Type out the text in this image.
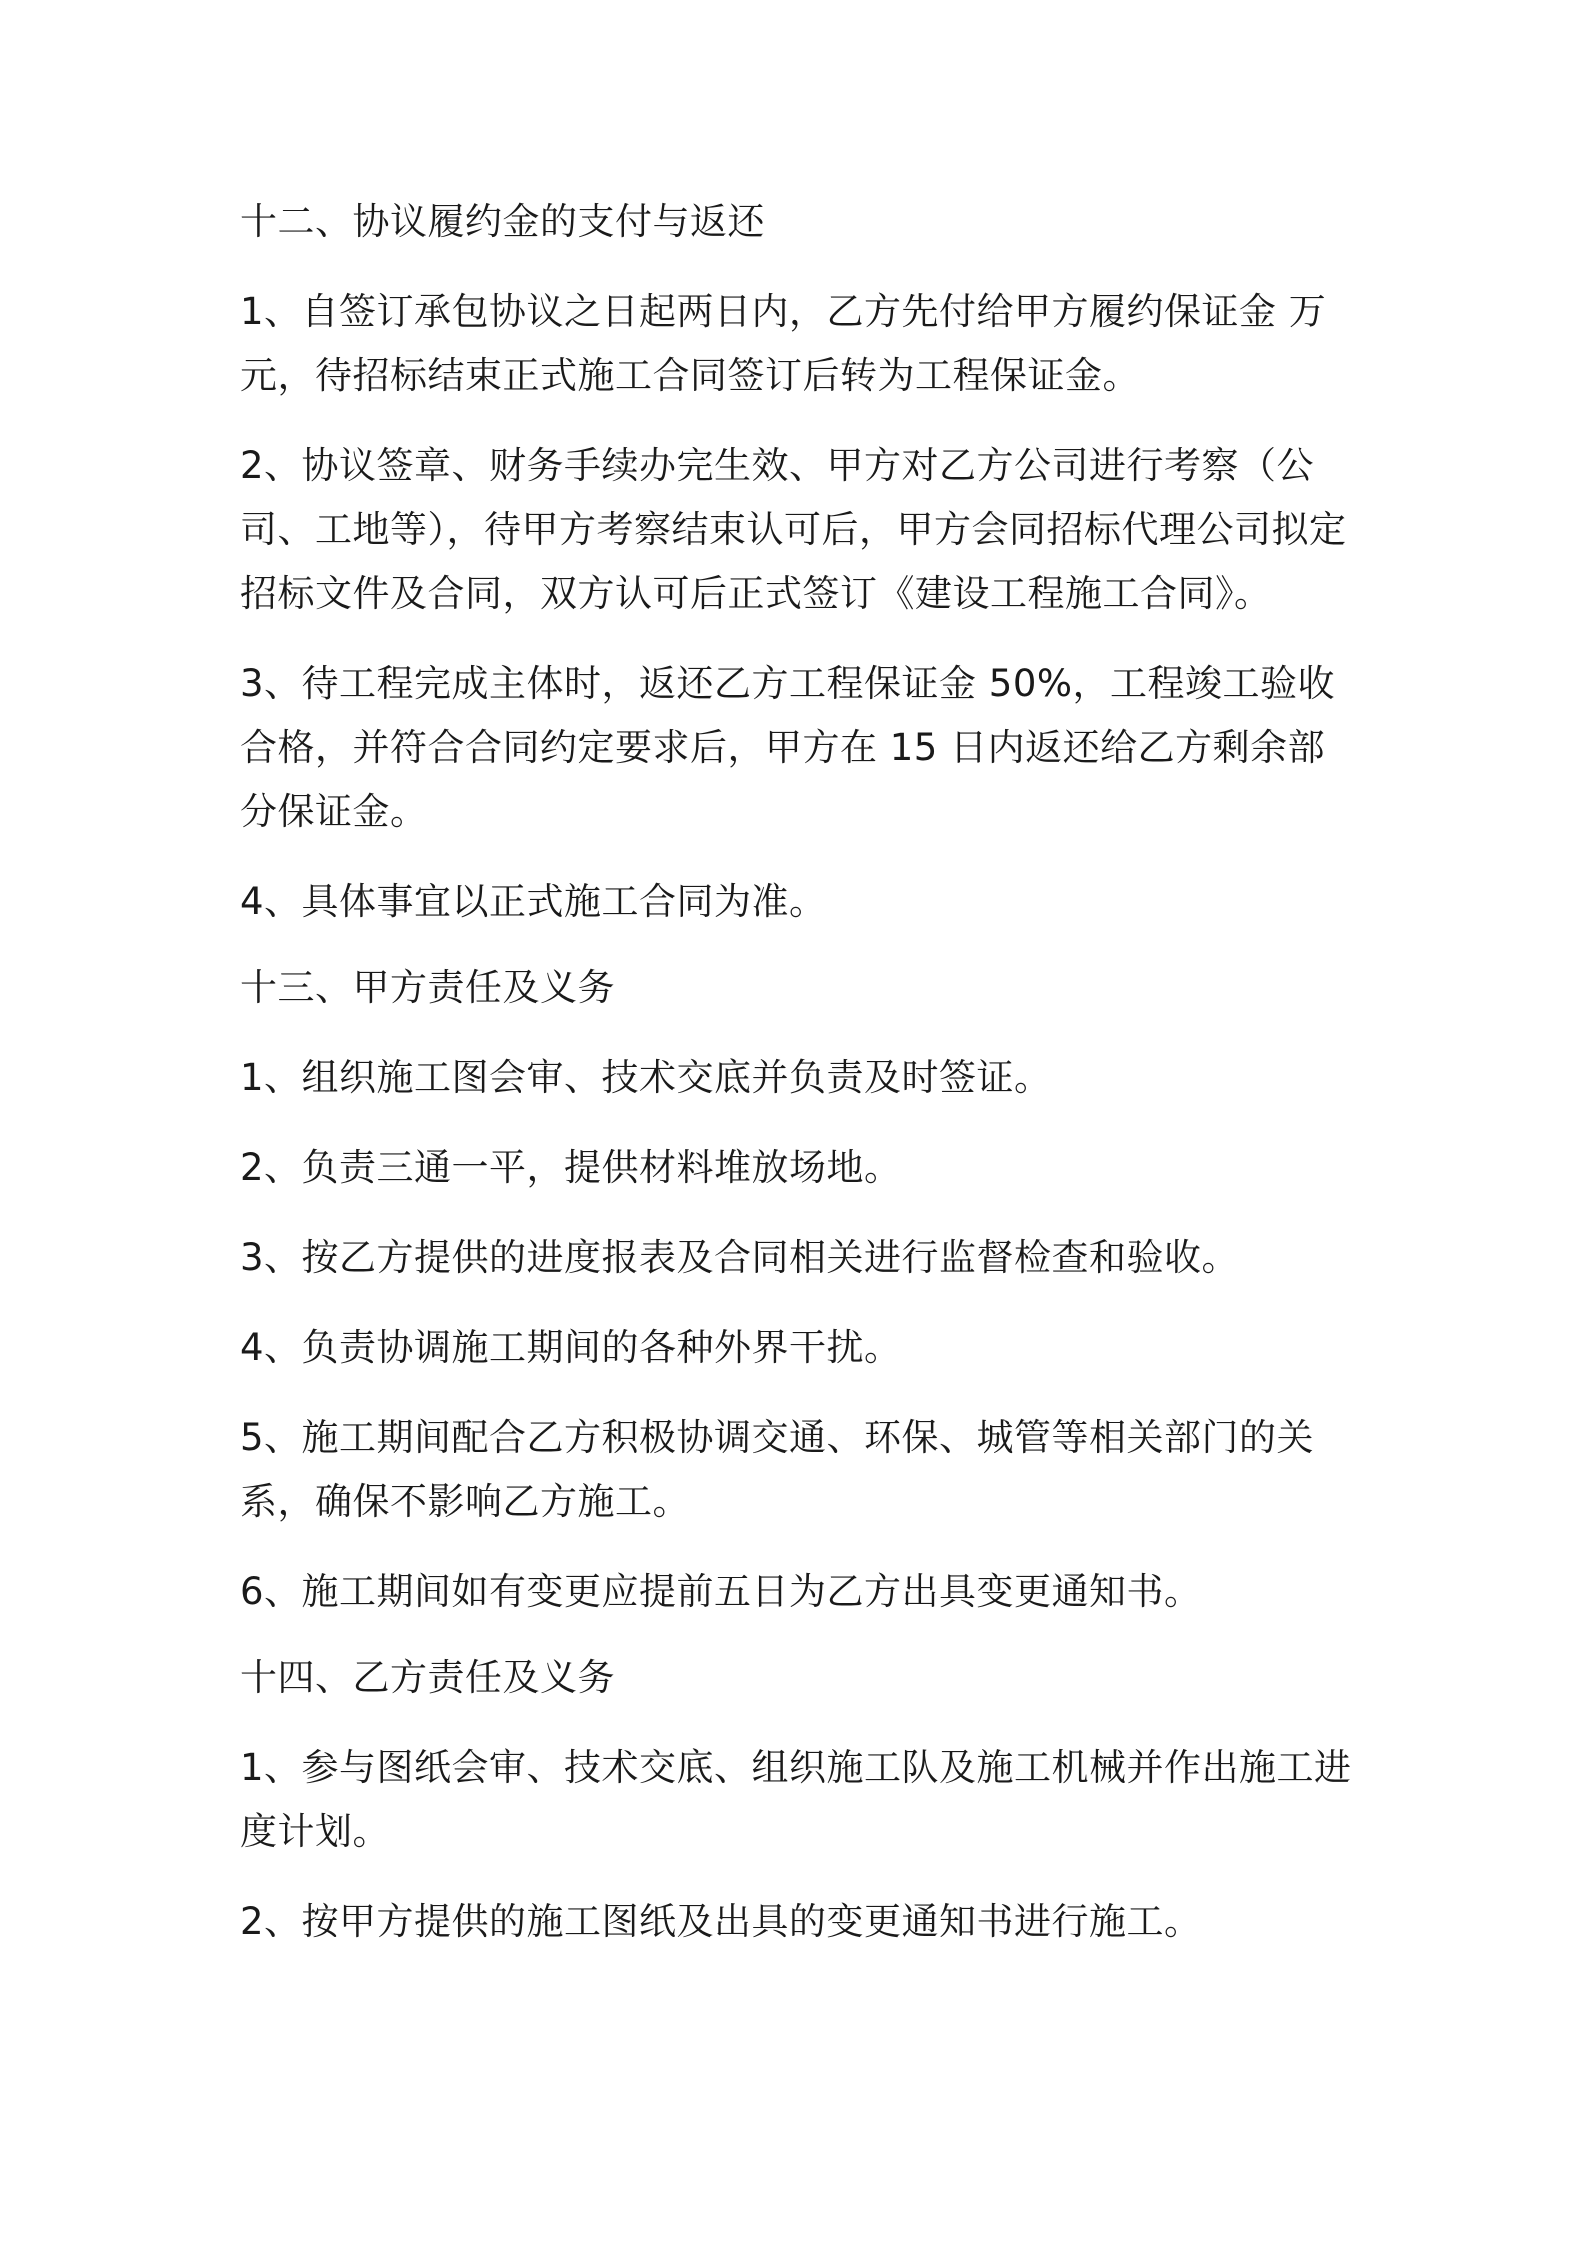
十二、协议履约金的支付与返还

1、自签订承包协议之日起两日内，乙方先付给甲方履约保证金 万元，待招标结束正式施工合同签订后转为工程保证金。

2、协议签章、财务手续办完生效、甲方对乙方公司进行考察（公司、工地等），待甲方考察结束认可后，甲方会同招标代理公司拟定招标文件及合同，双方认可后正式签订《建设工程施工合同》。

3、待工程完成主体时，返还乙方工程保证金 50%，工程竣工验收合格，并符合合同约定要求后，甲方在 15 日内返还给乙方剩余部分保证金。

4、具体事宜以正式施工合同为准。

十三、甲方责任及义务

1、组织施工图会审、技术交底并负责及时签证。

2、负责三通一平，提供材料堆放场地。

3、按乙方提供的进度报表及合同相关进行监督检查和验收。

4、负责协调施工期间的各种外界干扰。

5、施工期间配合乙方积极协调交通、环保、城管等相关部门的关系，确保不影响乙方施工。

6、施工期间如有变更应提前五日为乙方出具变更通知书。

十四、乙方责任及义务

1、参与图纸会审、技术交底、组织施工队及施工机械并作出施工进度计划。

2、按甲方提供的施工图纸及出具的变更通知书进行施工。
